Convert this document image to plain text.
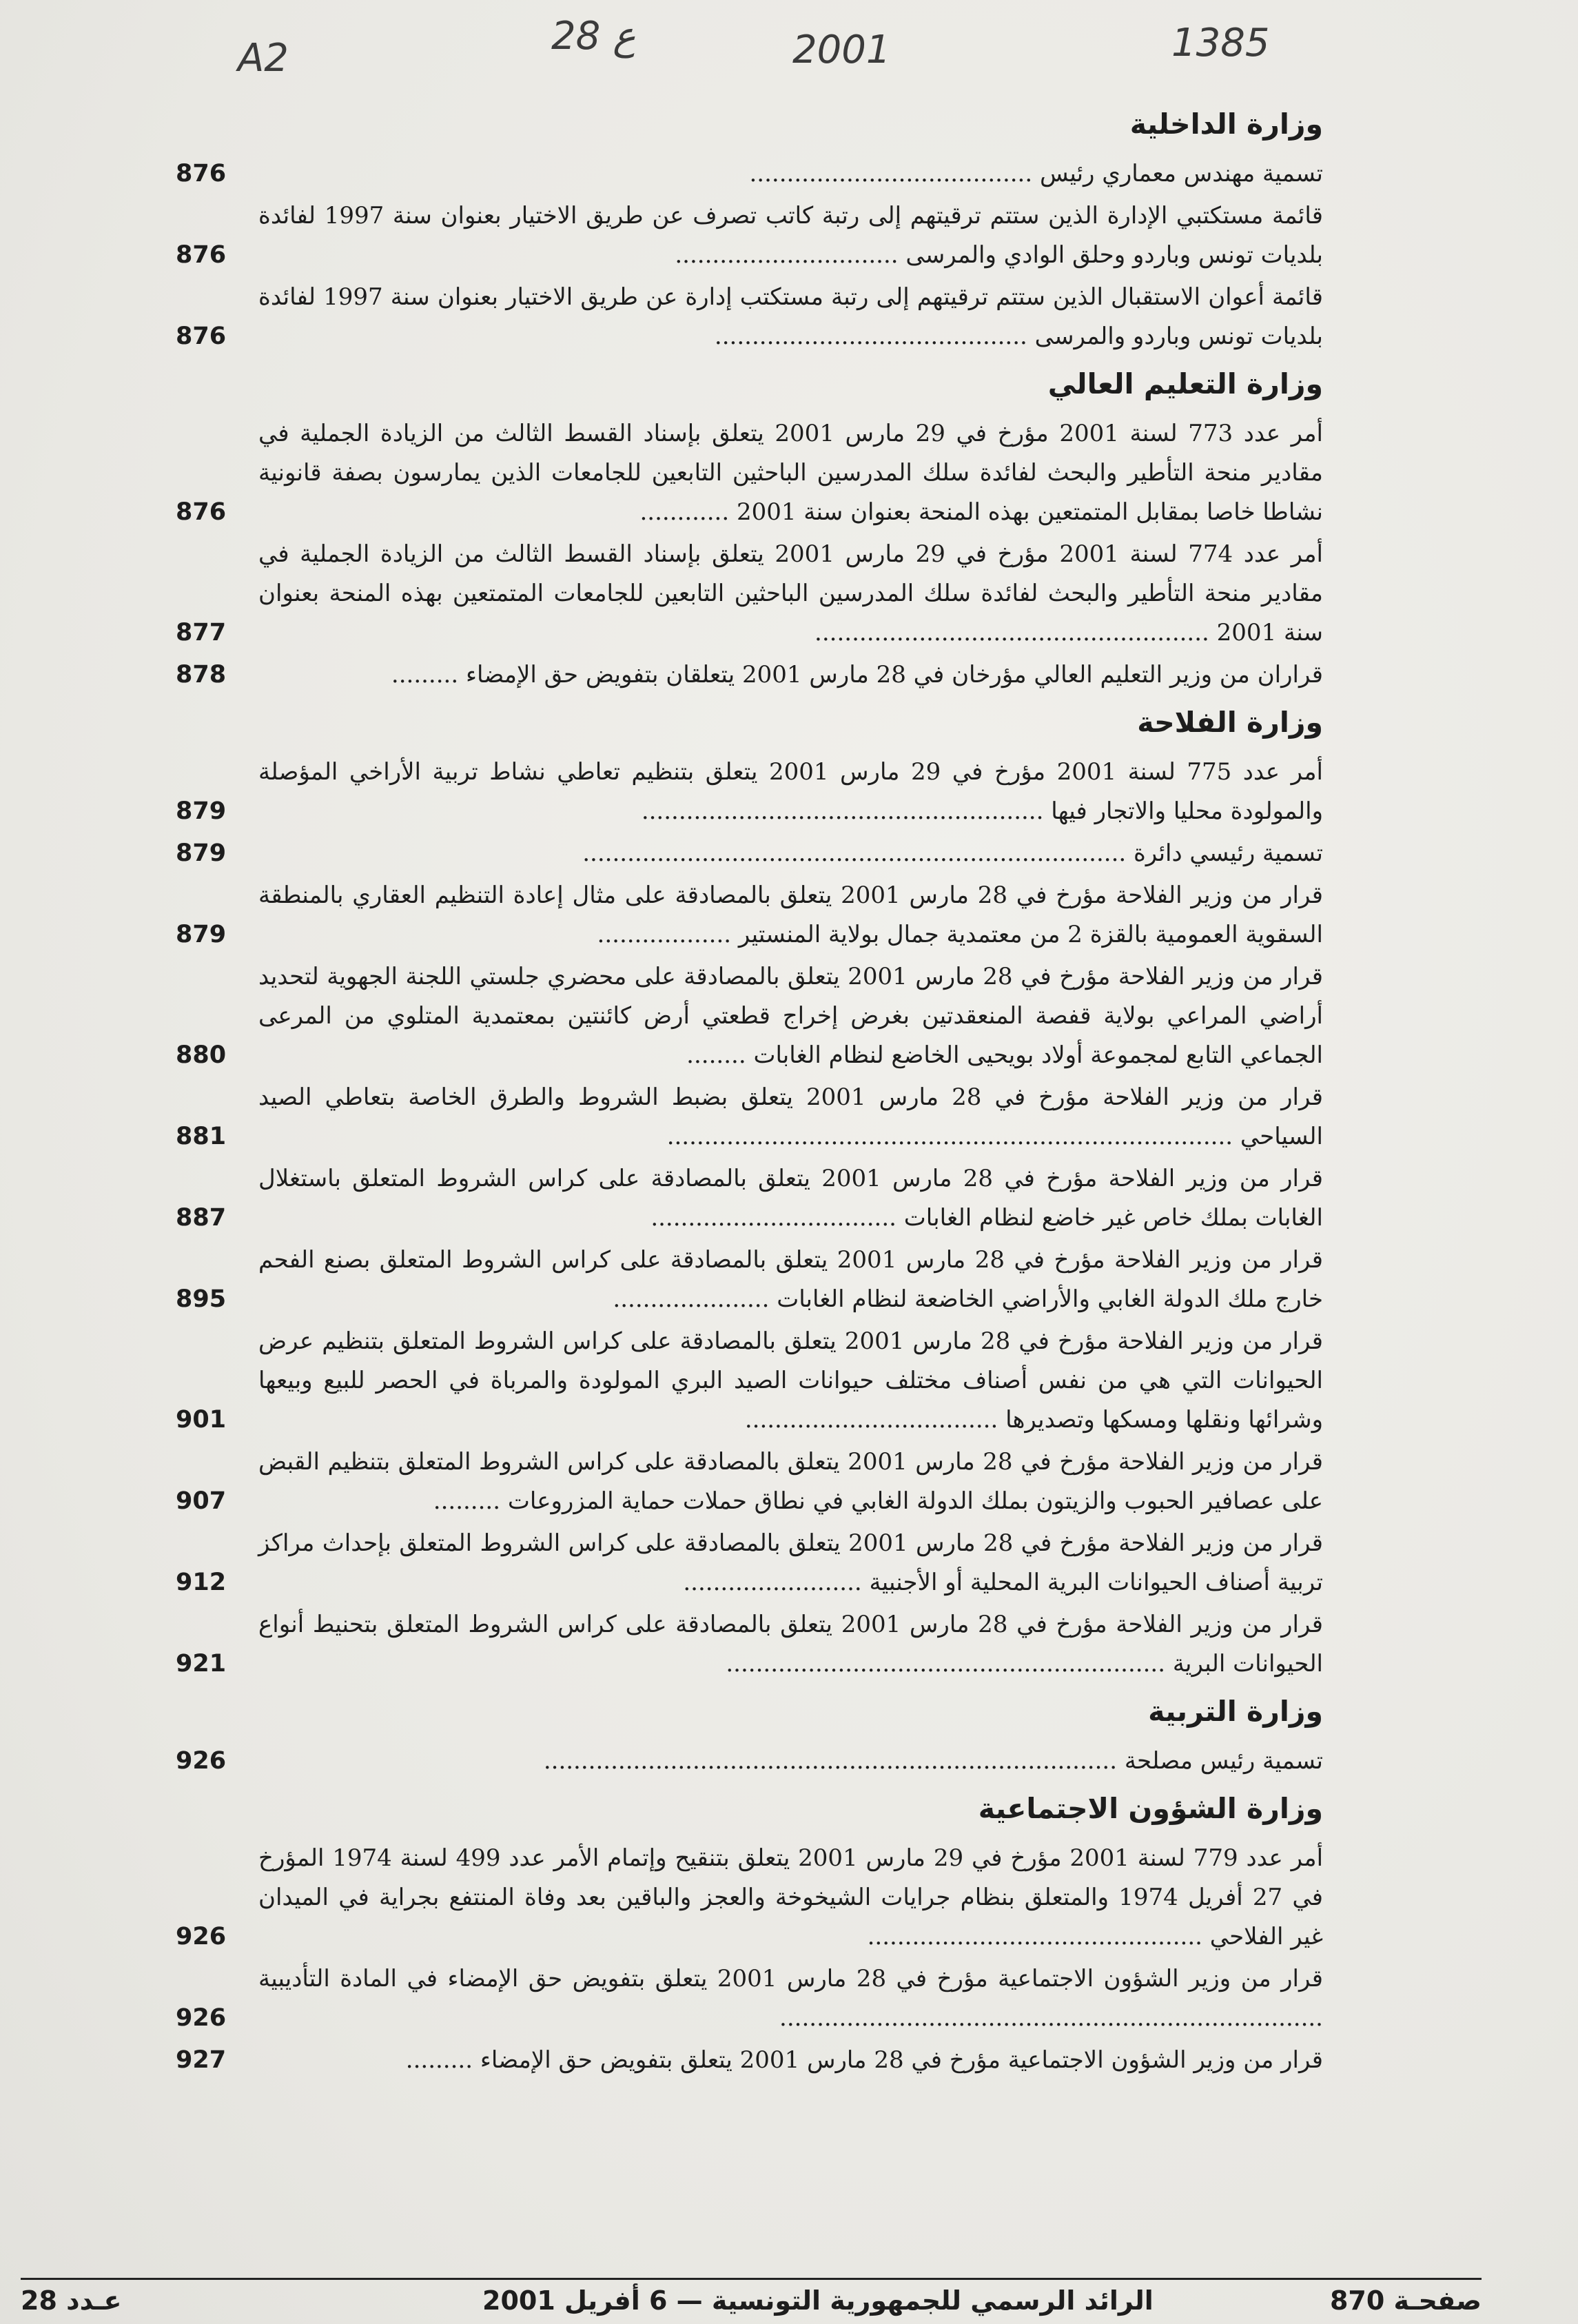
A2	28 ع	2001	1385
وزارة الداخلية
تسمية مهندس معماري رئيس ......................................
876
قائمة مستكتبي الإدارة الذين ستتم ترقيتهم إلى رتبة كاتب تصرف عن طريق الاختيار بعنوان سنة 1997 لفائدة بلديات تونس وباردو وحلق الوادي والمرسى ..............................
876
قائمة أعوان الاستقبال الذين ستتم ترقيتهم إلى رتبة مستكتب إدارة عن طريق الاختيار بعنوان سنة 1997 لفائدة بلديات تونس وباردو والمرسى ..........................................
876
وزارة التعليم العالي
أمر عدد 773 لسنة 2001 مؤرخ في 29 مارس 2001 يتعلق بإسناد القسط الثالث من الزيادة الجملية في مقادير منحة التأطير والبحث لفائدة سلك المدرسين الباحثين التابعين للجامعات الذين يمارسون بصفة قانونية نشاطا خاصا بمقابل المتمتعين بهذه المنحة بعنوان سنة 2001 ............
876
أمر عدد 774 لسنة 2001 مؤرخ في 29 مارس 2001 يتعلق بإسناد القسط الثالث من الزيادة الجملية في مقادير منحة التأطير والبحث لفائدة سلك المدرسين الباحثين التابعين للجامعات المتمتعين بهذه المنحة بعنوان سنة 2001 .....................................................
877
قراران من وزير التعليم العالي مؤرخان في 28 مارس 2001 يتعلقان بتفويض حق الإمضاء .........
878
وزارة الفلاحة
أمر عدد 775 لسنة 2001 مؤرخ في 29 مارس 2001 يتعلق بتنظيم تعاطي نشاط تربية الأراخي المؤصلة والمولودة محليا والاتجار فيها ......................................................
879
تسمية رئيسي دائرة .........................................................................
879
قرار من وزير الفلاحة مؤرخ في 28 مارس 2001 يتعلق بالمصادقة على مثال إعادة التنظيم العقاري بالمنطقة السقوية العمومية بالقزة 2 من معتمدية جمال بولاية المنستير ..................
879
قرار من وزير الفلاحة مؤرخ في 28 مارس 2001 يتعلق بالمصادقة على محضري جلستي اللجنة الجهوية لتحديد أراضي المراعي بولاية قفصة المنعقدتين بغرض إخراج قطعتي أرض كائنتين بمعتمدية المتلوي من المرعى الجماعي التابع لمجموعة أولاد بويحيى الخاضع لنظام الغابات ........
880
قرار من وزير الفلاحة مؤرخ في 28 مارس 2001 يتعلق بضبط الشروط والطرق الخاصة بتعاطي الصيد السياحي ............................................................................
881
قرار من وزير الفلاحة مؤرخ في 28 مارس 2001 يتعلق بالمصادقة على كراس الشروط المتعلق باستغلال الغابات بملك خاص غير خاضع لنظام الغابات .................................
887
قرار من وزير الفلاحة مؤرخ في 28 مارس 2001 يتعلق بالمصادقة على كراس الشروط المتعلق بصنع الفحم خارج ملك الدولة الغابي والأراضي الخاضعة لنظام الغابات .....................
895
قرار من وزير الفلاحة مؤرخ في 28 مارس 2001 يتعلق بالمصادقة على كراس الشروط المتعلق بتنظيم عرض الحيوانات التي هي من نفس أصناف مختلف حيوانات الصيد البري المولودة والمرباة في الحصر للبيع وبيعها وشرائها ونقلها ومسكها وتصديرها ..................................
901
قرار من وزير الفلاحة مؤرخ في 28 مارس 2001 يتعلق بالمصادقة على كراس الشروط المتعلق بتنظيم القبض على عصافير الحبوب والزيتون بملك الدولة الغابي في نطاق حملات حماية المزروعات .........
907
قرار من وزير الفلاحة مؤرخ في 28 مارس 2001 يتعلق بالمصادقة على كراس الشروط المتعلق بإحداث مراكز تربية أصناف الحيوانات البرية المحلية أو الأجنبية ........................
912
قرار من وزير الفلاحة مؤرخ في 28 مارس 2001 يتعلق بالمصادقة على كراس الشروط المتعلق بتحنيط أنواع الحيوانات البرية ...........................................................
921
وزارة التربية
تسمية رئيس مصلحة .............................................................................
926
وزارة الشؤون الاجتماعية
أمر عدد 779 لسنة 2001 مؤرخ في 29 مارس 2001 يتعلق بتنقيح وإتمام الأمر عدد 499 لسنة 1974 المؤرخ في 27 أفريل 1974 والمتعلق بنظام جرايات الشيخوخة والعجز والباقين بعد وفاة المنتفع بجراية في الميدان غير الفلاحي .............................................
926
قرار من وزير الشؤون الاجتماعية مؤرخ في 28 مارس 2001 يتعلق بتفويض حق الإمضاء في المادة التأديبية .........................................................................
926
قرار من وزير الشؤون الاجتماعية مؤرخ في 28 مارس 2001 يتعلق بتفويض حق الإمضاء .........
927
صفحـة 870
الرائد الرسمي للجمهورية التونسية — 6 أفريل 2001
عـدد 28
